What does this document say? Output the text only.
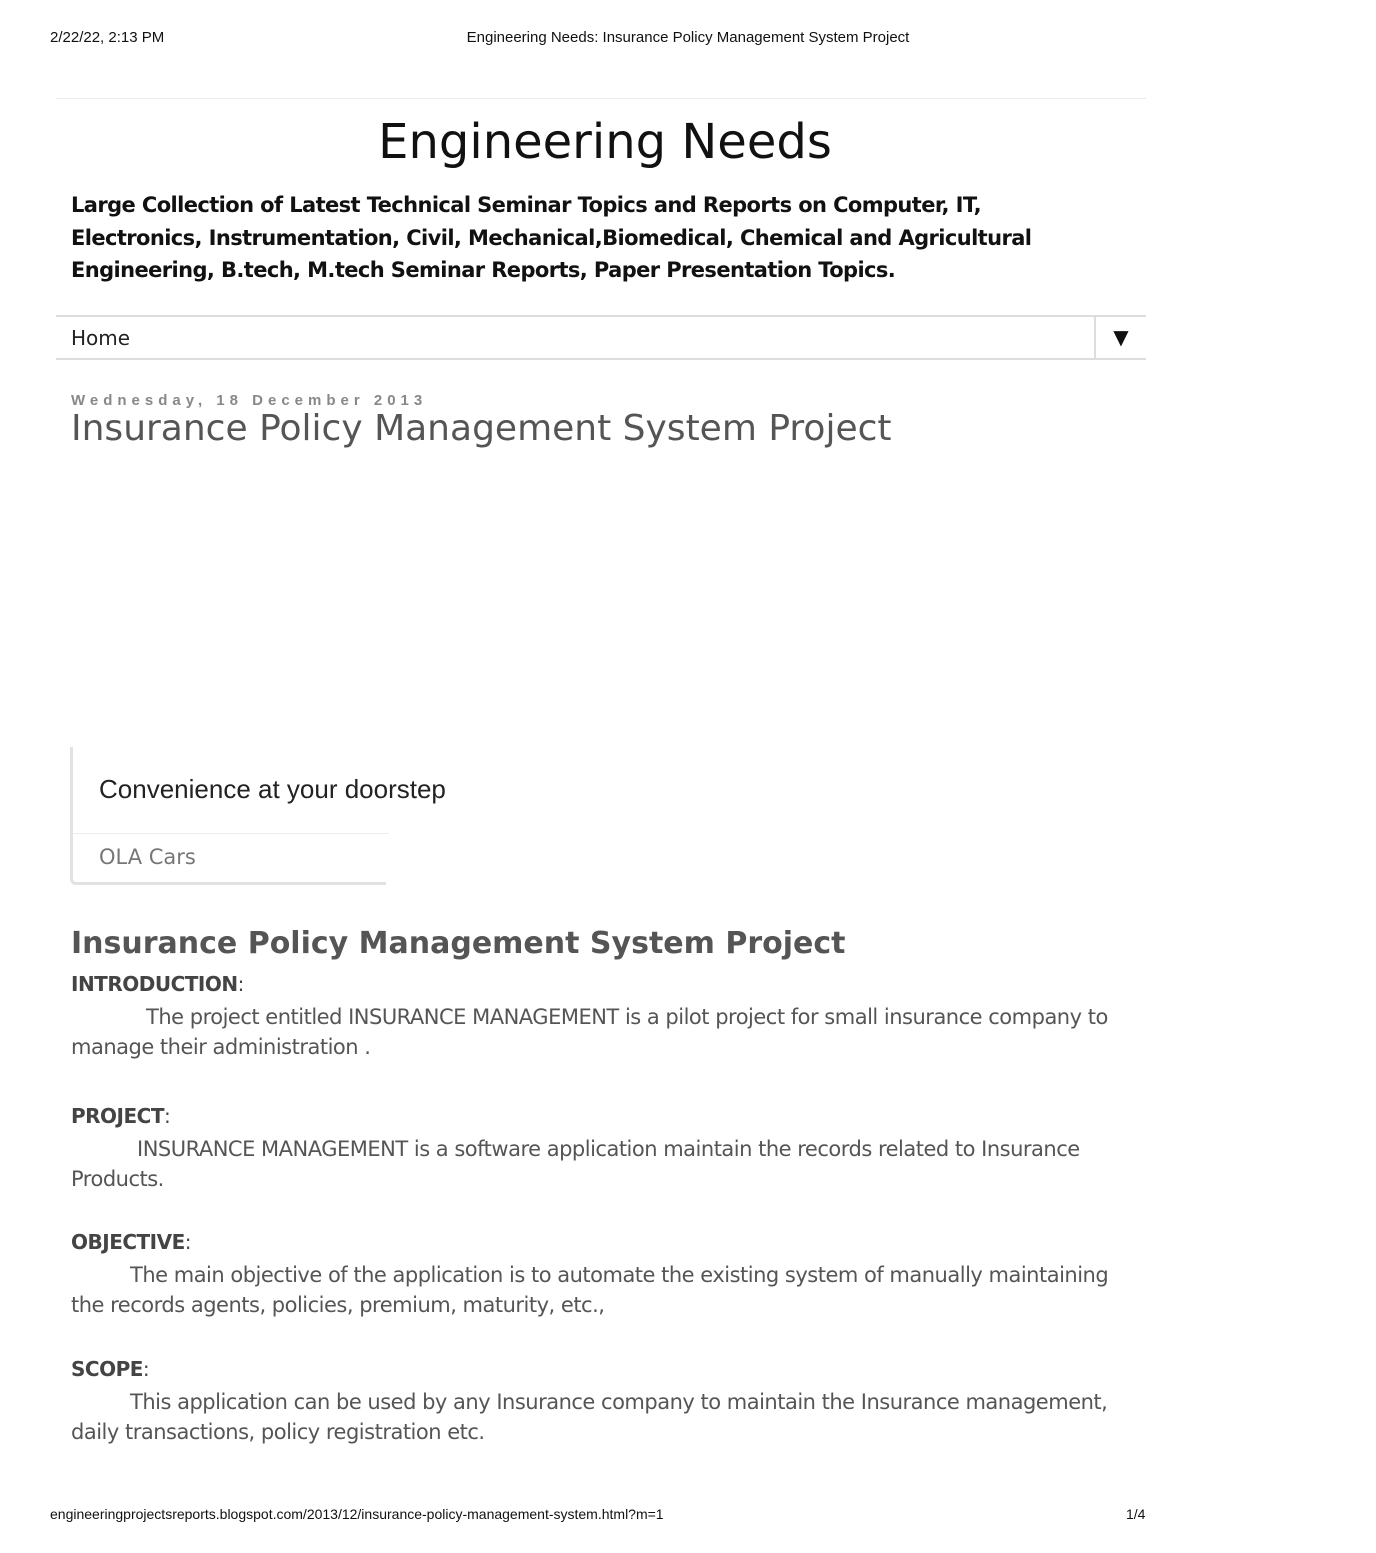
2/22/22, 2:13 PM	Engineering Needs: Insurance Policy Management System Project
Engineering Needs
Large Collection of Latest Technical Seminar Topics and Reports on Computer, IT, Electronics, Instrumentation, Civil, Mechanical,Biomedical, Chemical and Agricultural Engineering, B.tech, M.tech Seminar Reports, Paper Presentation Topics.
Home	▼
Wednesday, 18 December 2013
Insurance Policy Management System Project
Convenience at your doorstep
OLA Cars
Insurance Policy Management System Project
INTRODUCTION:
The project entitled INSURANCE MANAGEMENT is a pilot project for small insurance company to manage their administration .
PROJECT:
INSURANCE MANAGEMENT is a software application maintain the records related to Insurance Products.
OBJECTIVE:
The main objective of the application is to automate the existing system of manually maintaining the records agents, policies, premium, maturity, etc.,
SCOPE:
This application can be used by any Insurance company to maintain the Insurance management, daily transactions, policy registration etc.
engineeringprojectsreports.blogspot.com/2013/12/insurance-policy-management-system.html?m=1	1/4
